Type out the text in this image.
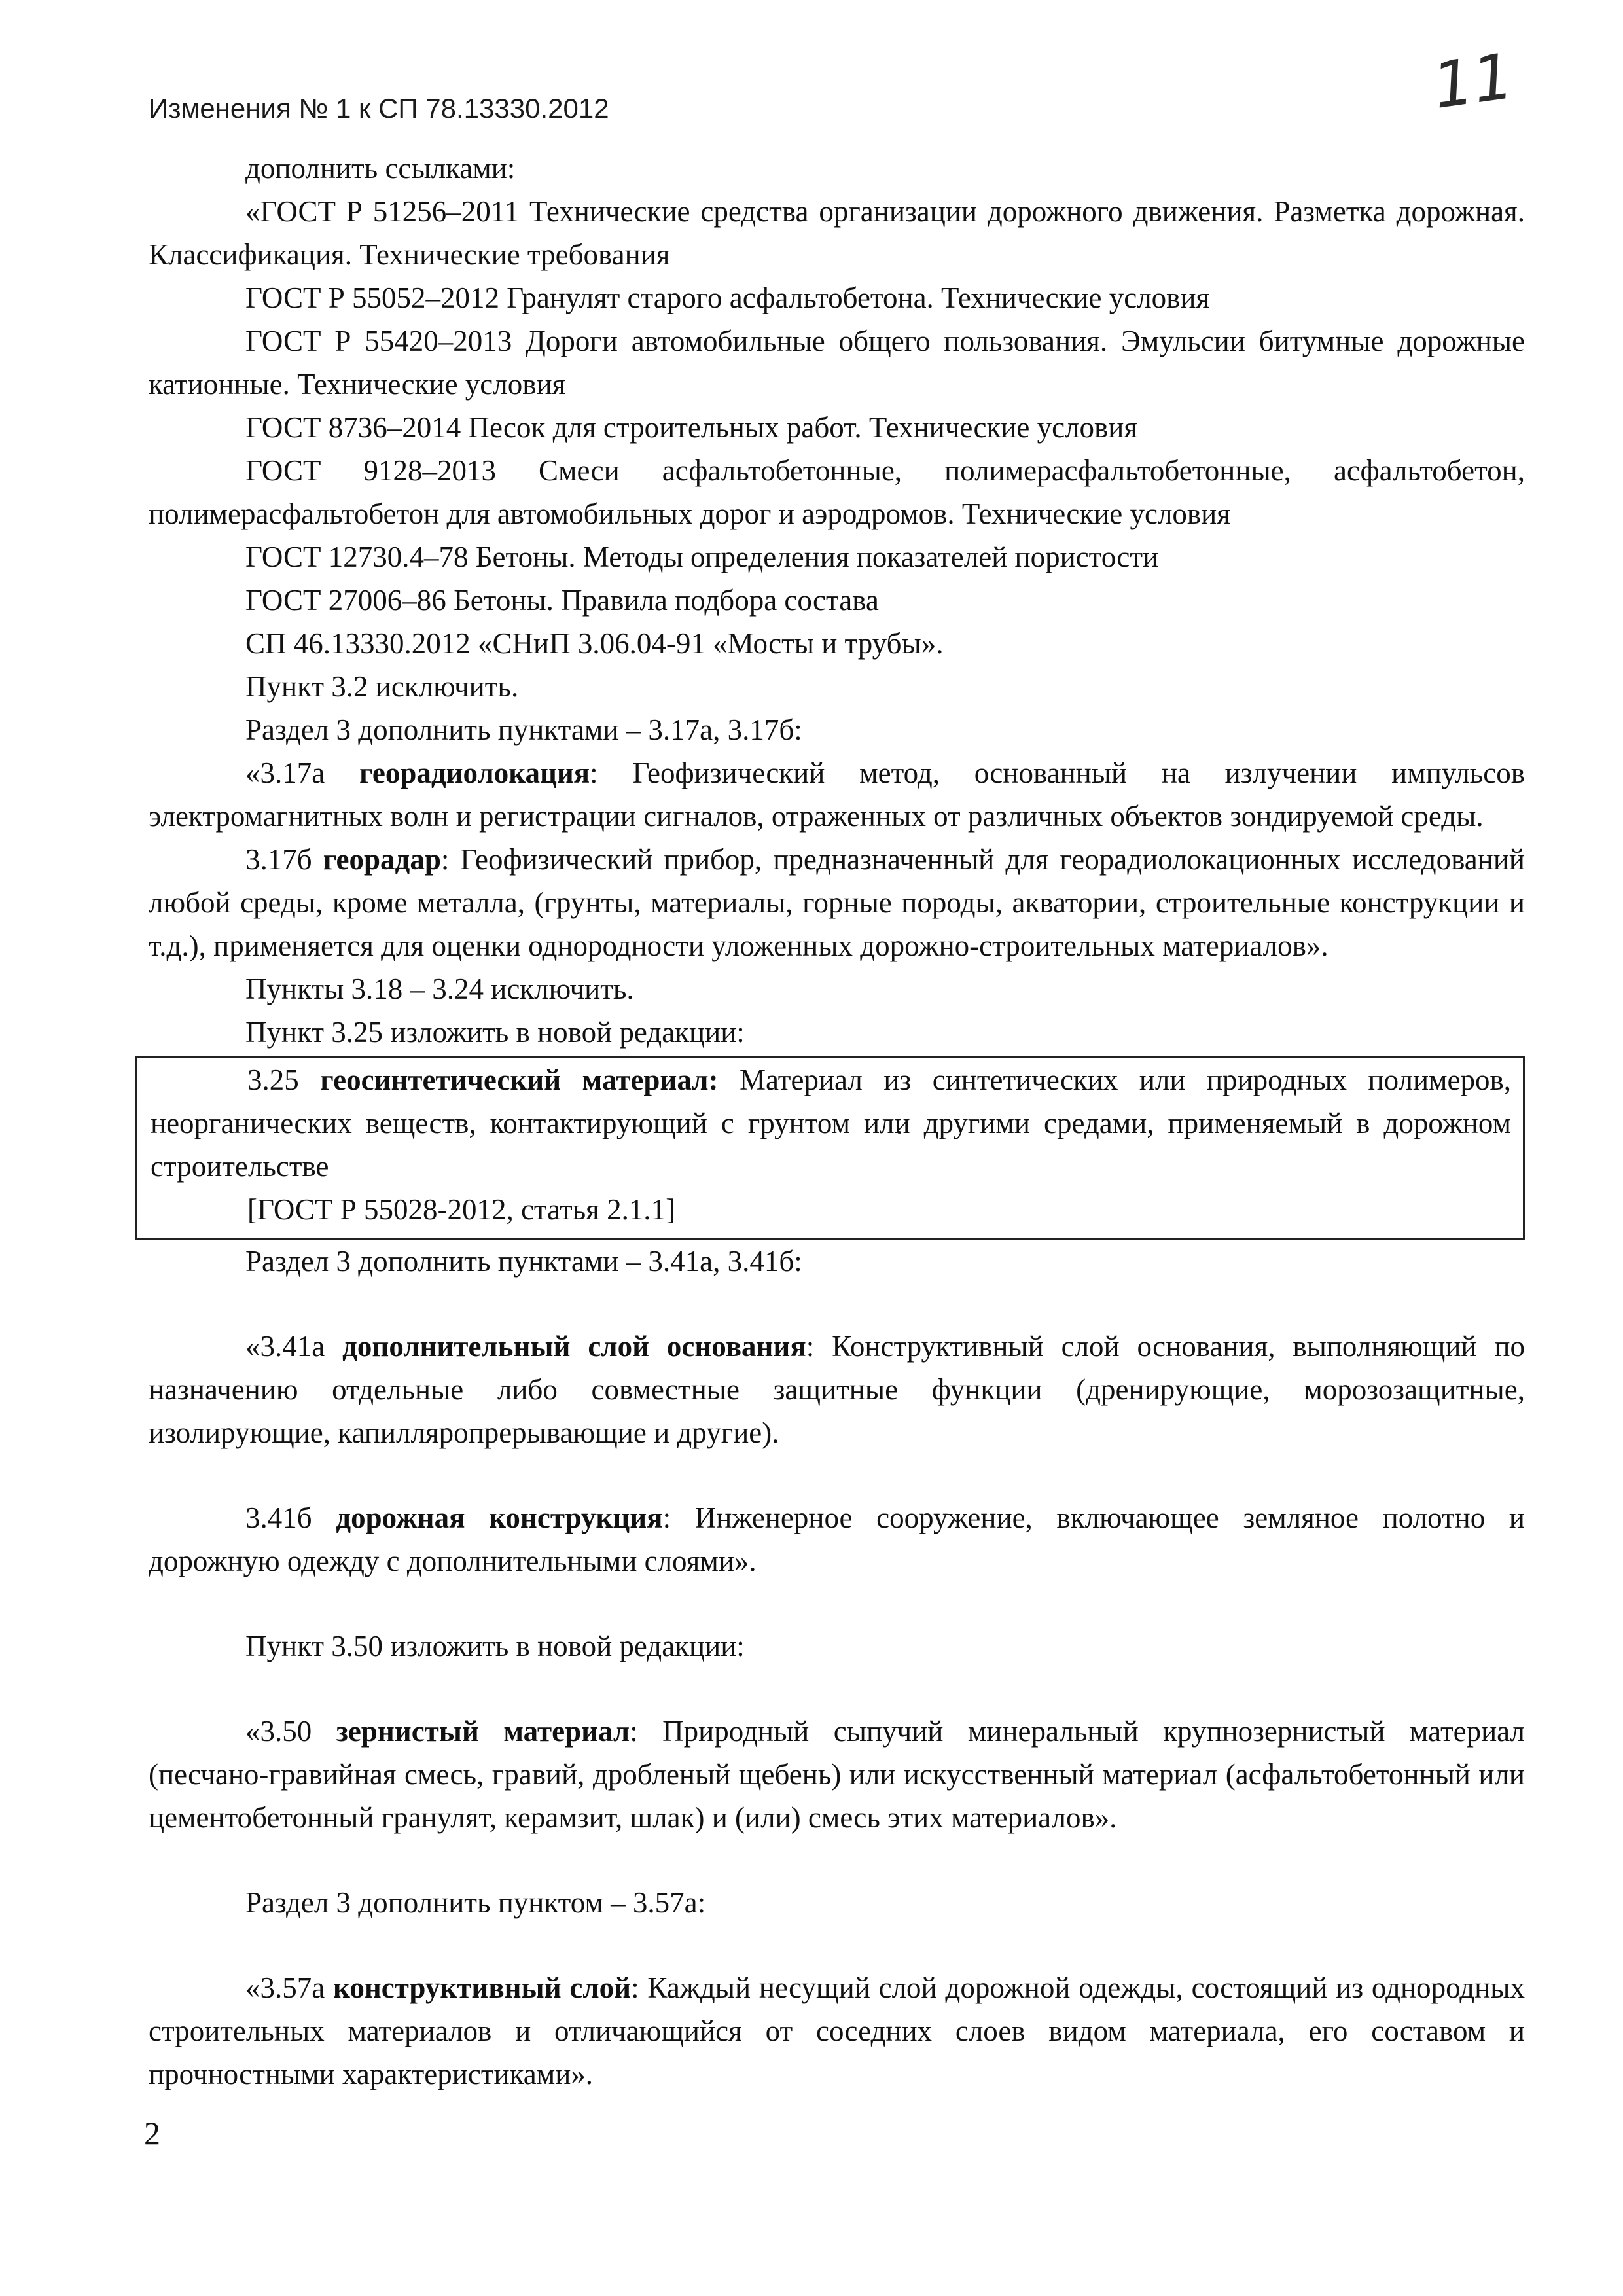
Изменения № 1 к СП 78.13330.2012	11

дополнить ссылками:

«ГОСТ Р 51256–2011 Технические средства организации дорожного движения. Разметка дорожная. Классификация. Технические требования

ГОСТ Р 55052–2012 Гранулят старого асфальтобетона. Технические условия

ГОСТ Р 55420–2013 Дороги автомобильные общего пользования. Эмульсии битумные дорожные катионные. Технические условия

ГОСТ 8736–2014 Песок для строительных работ. Технические условия

ГОСТ 9128–2013 Смеси асфальтобетонные, полимерасфальтобетонные, асфальтобетон, полимерасфальтобетон для автомобильных дорог и аэродромов. Технические условия

ГОСТ 12730.4–78 Бетоны. Методы определения показателей пористости

ГОСТ 27006–86 Бетоны. Правила подбора состава

СП 46.13330.2012 «СНиП 3.06.04-91 «Мосты и трубы».

Пункт 3.2 исключить.

Раздел 3 дополнить пунктами – 3.17а, 3.17б:

«3.17а георадиолокация: Геофизический метод, основанный на излучении импульсов электромагнитных волн и регистрации сигналов, отраженных от различных объектов зондируемой среды.

3.17б георадар: Геофизический прибор, предназначенный для георадиолокационных исследований любой среды, кроме металла, (грунты, материалы, горные породы, акватории, строительные конструкции и т.д.), применяется для оценки однородности уложенных дорожно-строительных материалов».

Пункты 3.18 – 3.24 исключить.

Пункт 3.25 изложить в новой редакции:

3.25 геосинтетический материал: Материал из синтетических или природных полимеров, неорганических веществ, контактирующий с грунтом или другими средами, применяемый в дорожном строительстве

[ГОСТ Р 55028-2012, статья 2.1.1]

Раздел 3 дополнить пунктами – 3.41а, 3.41б:

«3.41а дополнительный слой основания: Конструктивный слой основания, выполняющий по назначению отдельные либо совместные защитные функции (дренирующие, морозозащитные, изолирующие, капилляропрерывающие и другие).

3.41б дорожная конструкция: Инженерное сооружение, включающее земляное полотно и дорожную одежду с дополнительными слоями».

Пункт 3.50 изложить в новой редакции:

«3.50 зернистый материал: Природный сыпучий минеральный крупнозернистый материал (песчано-гравийная смесь, гравий, дробленый щебень) или искусственный материал (асфальтобетонный или цементобетонный гранулят, керамзит, шлак) и (или) смесь этих материалов».

Раздел 3 дополнить пунктом – 3.57а:

«3.57а конструктивный слой: Каждый несущий слой дорожной одежды, состоящий из однородных строительных материалов и отличающийся от соседних слоев видом материала, его составом и прочностными характеристиками».

2
